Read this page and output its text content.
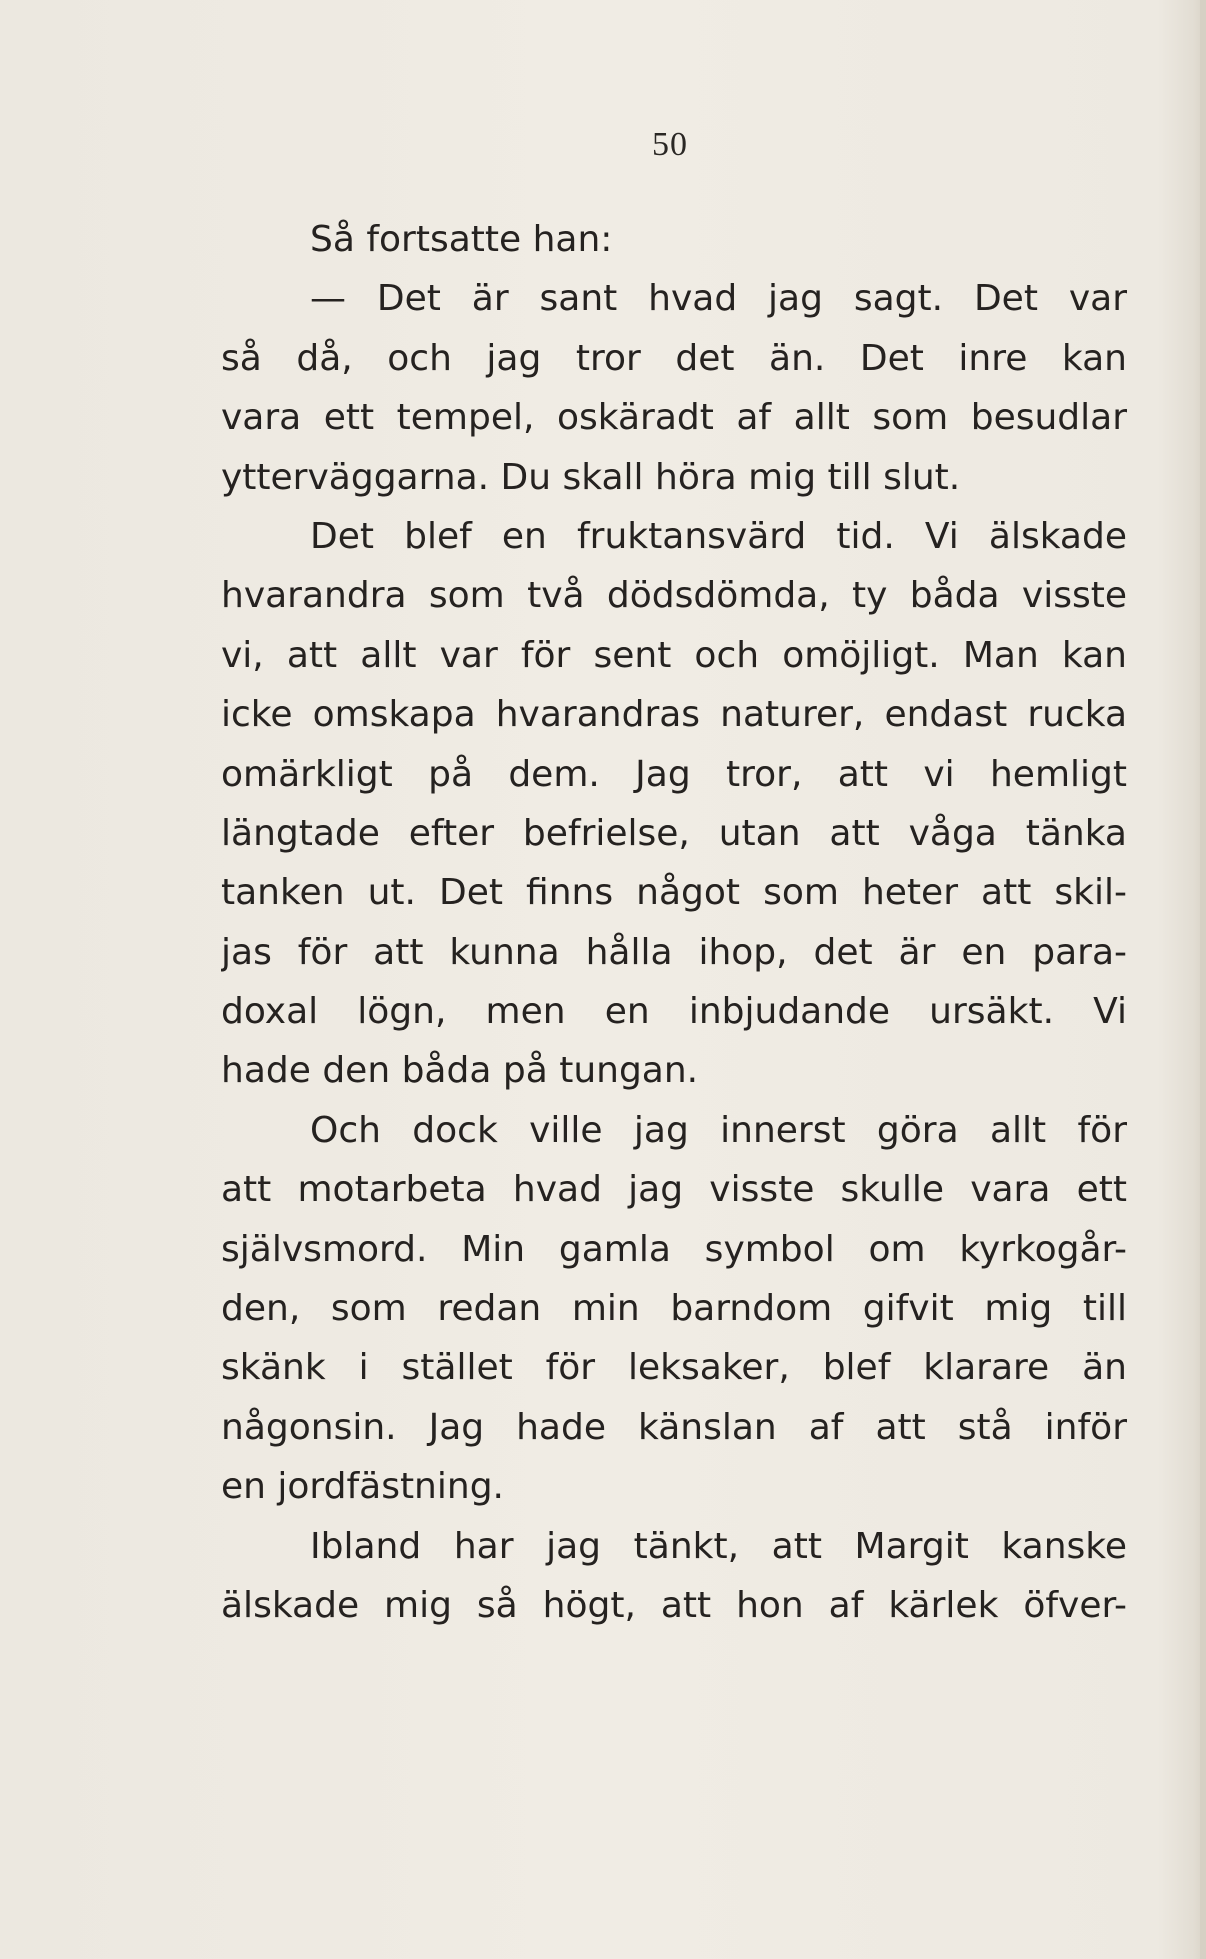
50
Så fortsatte han:
— Det är sant hvad jag sagt. Det var
så då, och jag tror det än. Det inre kan
vara ett tempel, oskäradt af allt som besudlar
ytterväggarna. Du skall höra mig till slut.
Det blef en fruktansvärd tid. Vi älskade
hvarandra som två dödsdömda, ty båda visste
vi, att allt var för sent och omöjligt. Man kan
icke omskapa hvarandras naturer, endast rucka
omärkligt på dem. Jag tror, att vi hemligt
längtade efter befrielse, utan att våga tänka
tanken ut. Det finns något som heter att skil-
jas för att kunna hålla ihop, det är en para-
doxal lögn, men en inbjudande ursäkt. Vi
hade den båda på tungan.
Och dock ville jag innerst göra allt för
att motarbeta hvad jag visste skulle vara ett
självsmord. Min gamla symbol om kyrkogår-
den, som redan min barndom gifvit mig till
skänk i stället för leksaker, blef klarare än
någonsin. Jag hade känslan af att stå inför
en jordfästning.
Ibland har jag tänkt, att Margit kanske
älskade mig så högt, att hon af kärlek öfver-
